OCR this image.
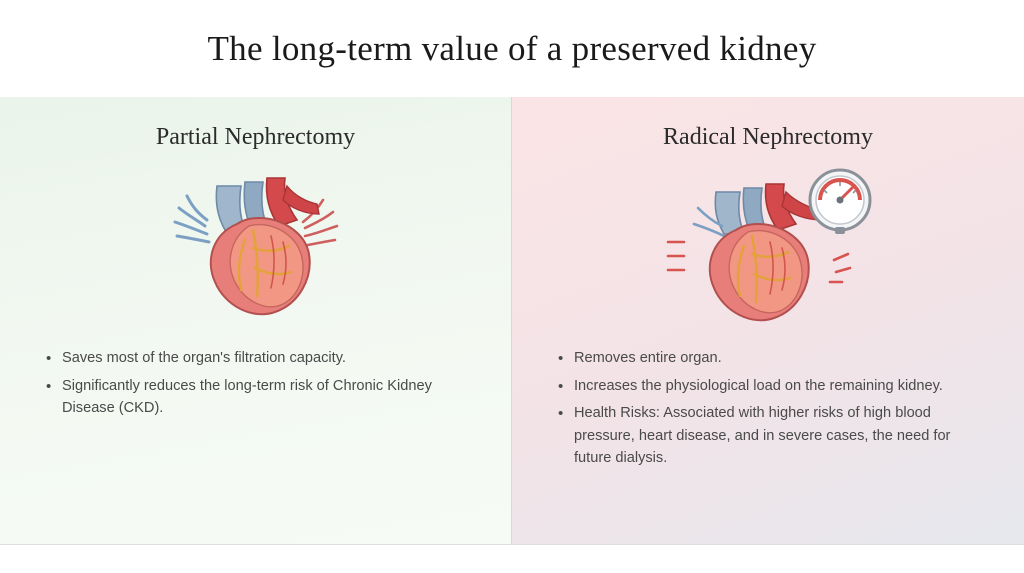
The long-term value of a preserved kidney
Partial Nephrectomy
• Saves most of the organ's filtration capacity.
• Significantly reduces the long-term risk of Chronic Kidney Disease (CKD).
Radical Nephrectomy
• Removes entire organ.
• Increases the physiological load on the remaining kidney.
• Health Risks: Associated with higher risks of high blood pressure, heart disease, and in severe cases, the need for future dialysis.
